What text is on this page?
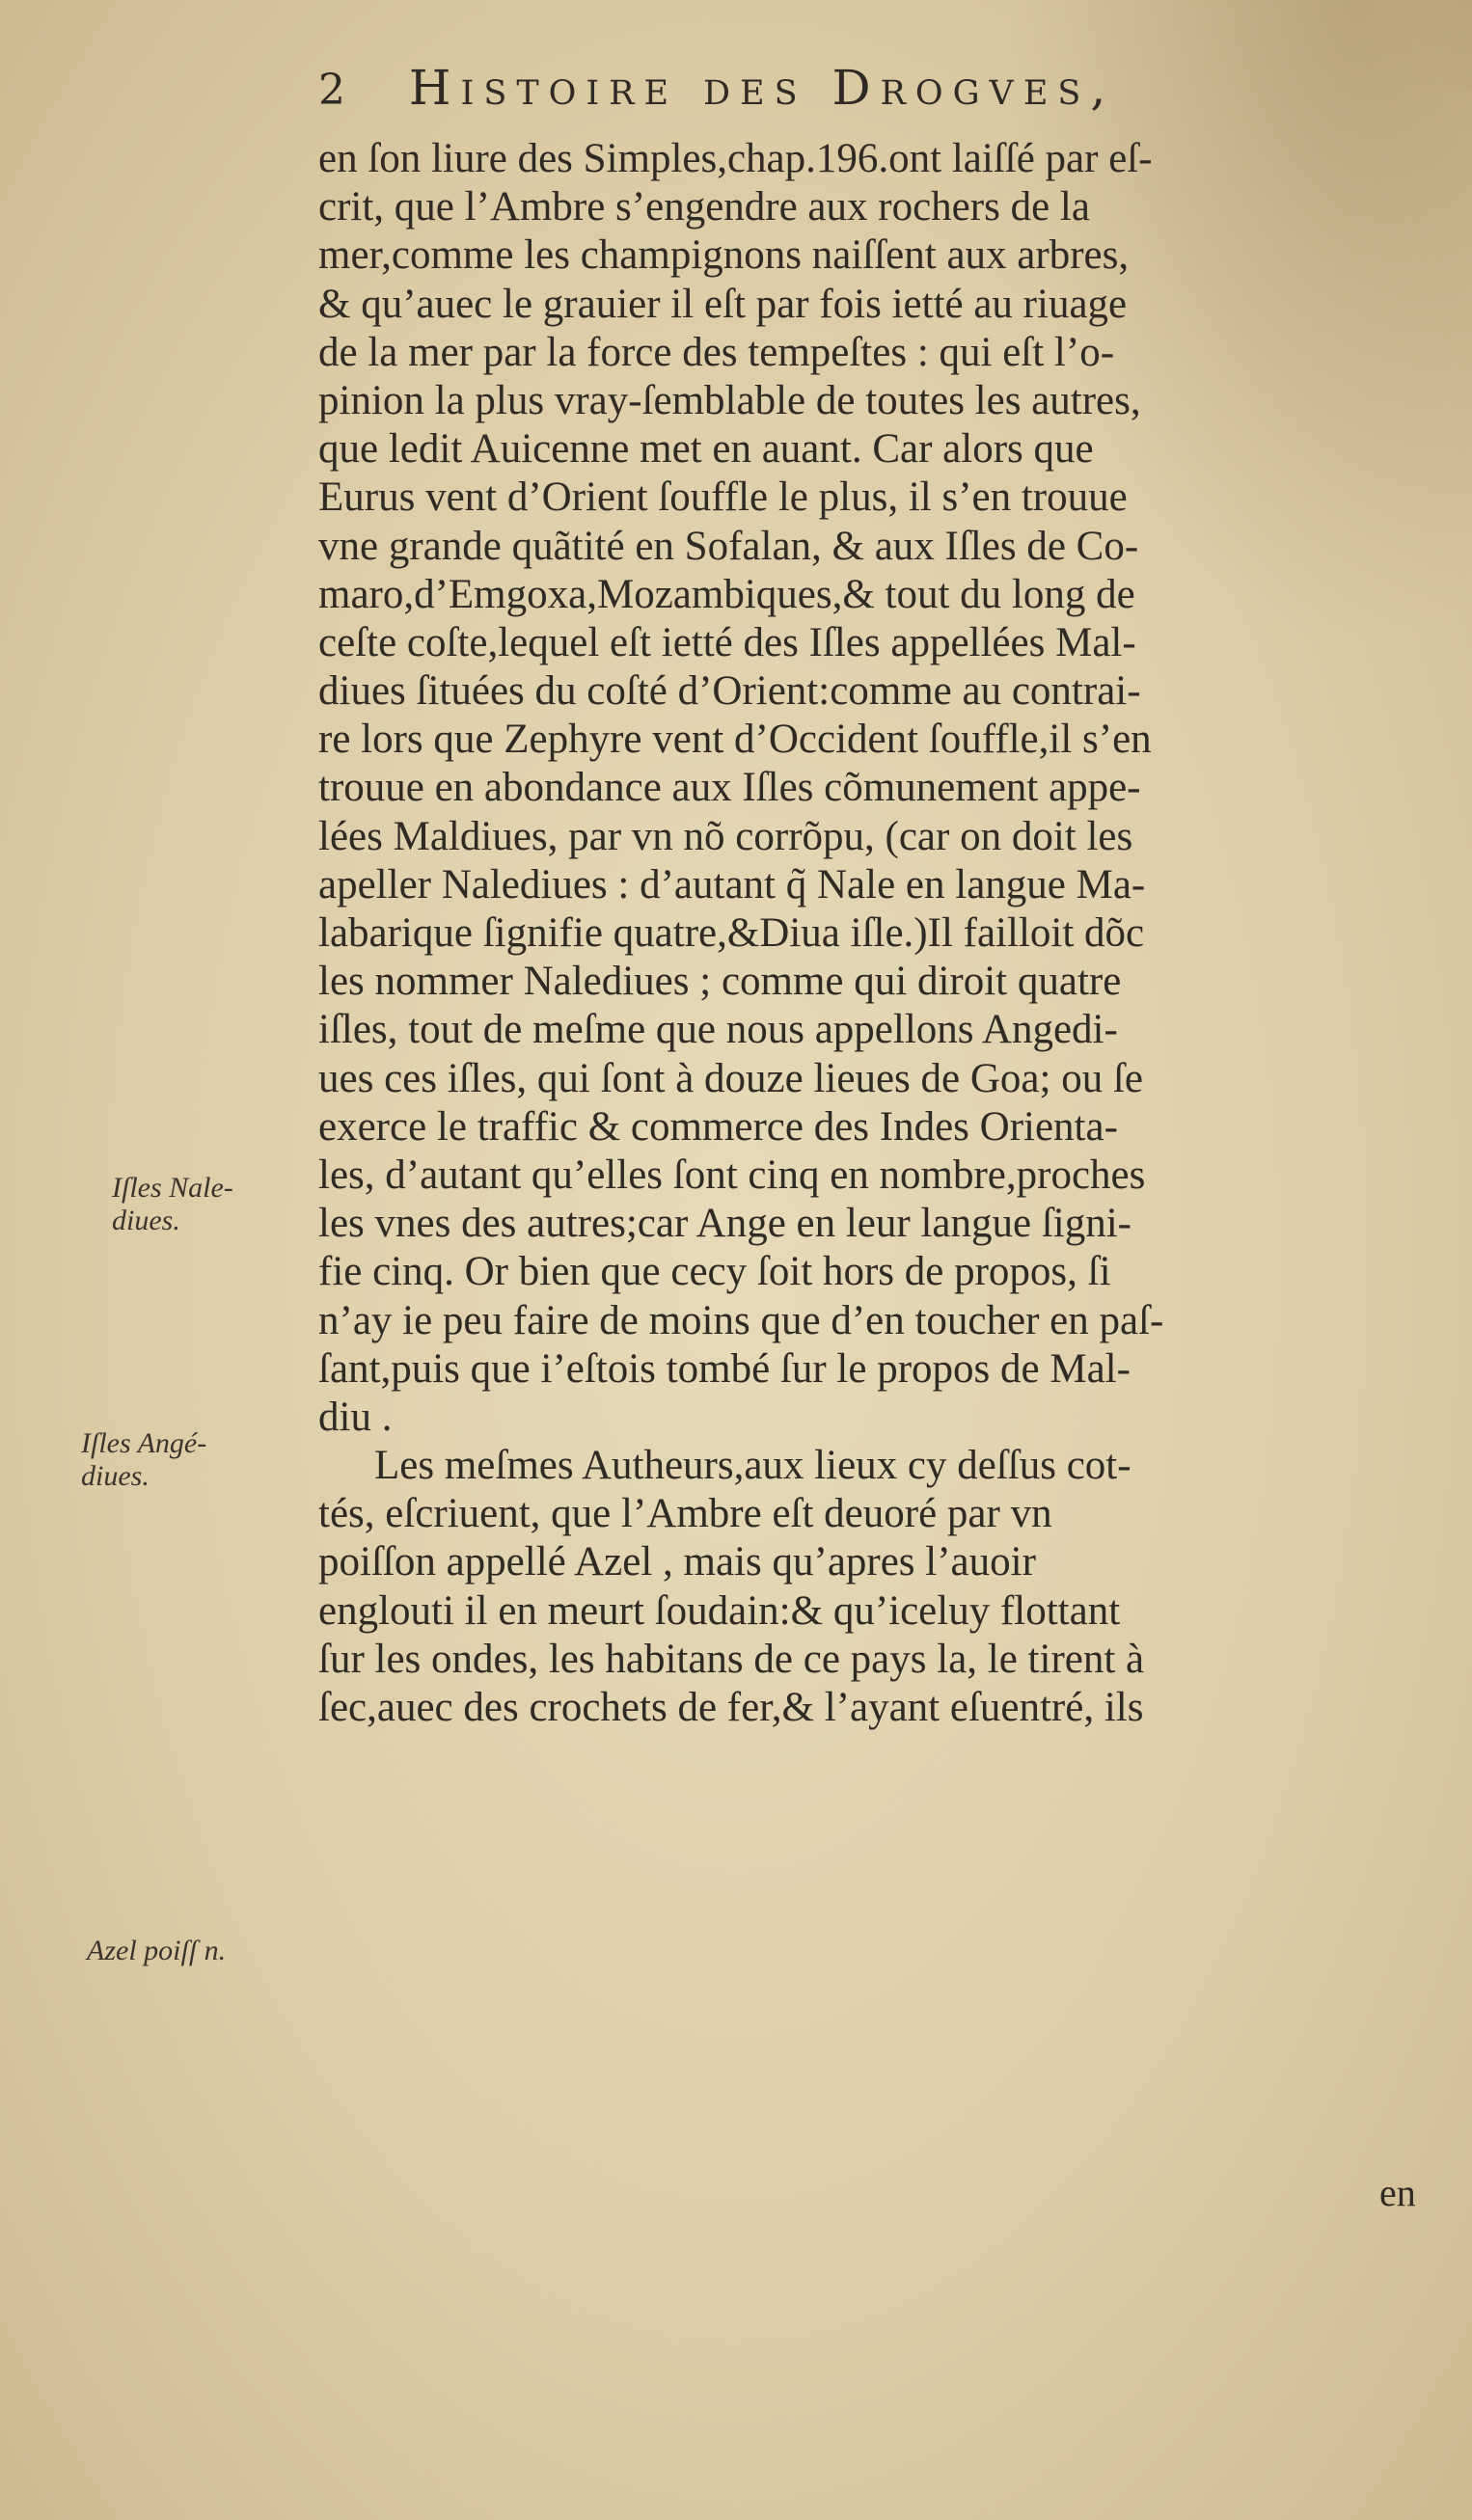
2 Histoire des Drogves,
en ſon liure des Simples,chap.196.ont laiſſé par eſ-
crit, que l’Ambre s’engendre aux rochers de la
mer,comme les champignons naiſſent aux arbres,
& qu’auec le grauier il eſt par fois ietté au riuage
de la mer par la force des tempeſtes : qui eſt l’o-
pinion la plus vray-ſemblable de toutes les autres,
que ledit Auicenne met en auant. Car alors que
Eurus vent d’Orient ſouffle le plus, il s’en trouue
vne grande quãtité en Sofalan, & aux Iſles de Co-
maro,d’Emgoxa,Mozambiques,& tout du long de
ceſte coſte,lequel eſt ietté des Iſles appellées Mal-
diues ſituées du coſté d’Orient:comme au contrai-
re lors que Zephyre vent d’Occident ſouffle,il s’en
trouue en abondance aux Iſles cõmunement appe-
lées Maldiues, par vn nõ corrõpu, (car on doit les
apeller Nalediues : d’autant q̃ Nale en langue Ma-
labarique ſignifie quatre,&Diua iſle.)Il failloit dõc
les nommer Nalediues ; comme qui diroit quatre
iſles, tout de meſme que nous appellons Angedi-
ues ces iſles, qui ſont à douze lieues de Goa; ou ſe
exerce le traffic & commerce des Indes Orienta-
les, d’autant qu’elles ſont cinq en nombre,proches
les vnes des autres;car Ange en leur langue ſigni-
fie cinq. Or bien que cecy ſoit hors de propos, ſi
n’ay ie peu faire de moins que d’en toucher en paſ-
ſant,puis que i’eſtois tombé ſur le propos de Mal-
diu .
Les meſmes Autheurs,aux lieux cy deſſus cot-
tés, eſcriuent, que l’Ambre eſt deuoré par vn
poiſſon appellé Azel , mais qu’apres l’auoir
englouti il en meurt ſoudain:& qu’iceluy flottant
ſur les ondes, les habitans de ce pays la, le tirent à
ſec,auec des crochets de fer,& l’ayant eſuentré, ils
en
Iſles Nale-
diues.
Iſles Angé-
diues.
Azel poiſſ n.
